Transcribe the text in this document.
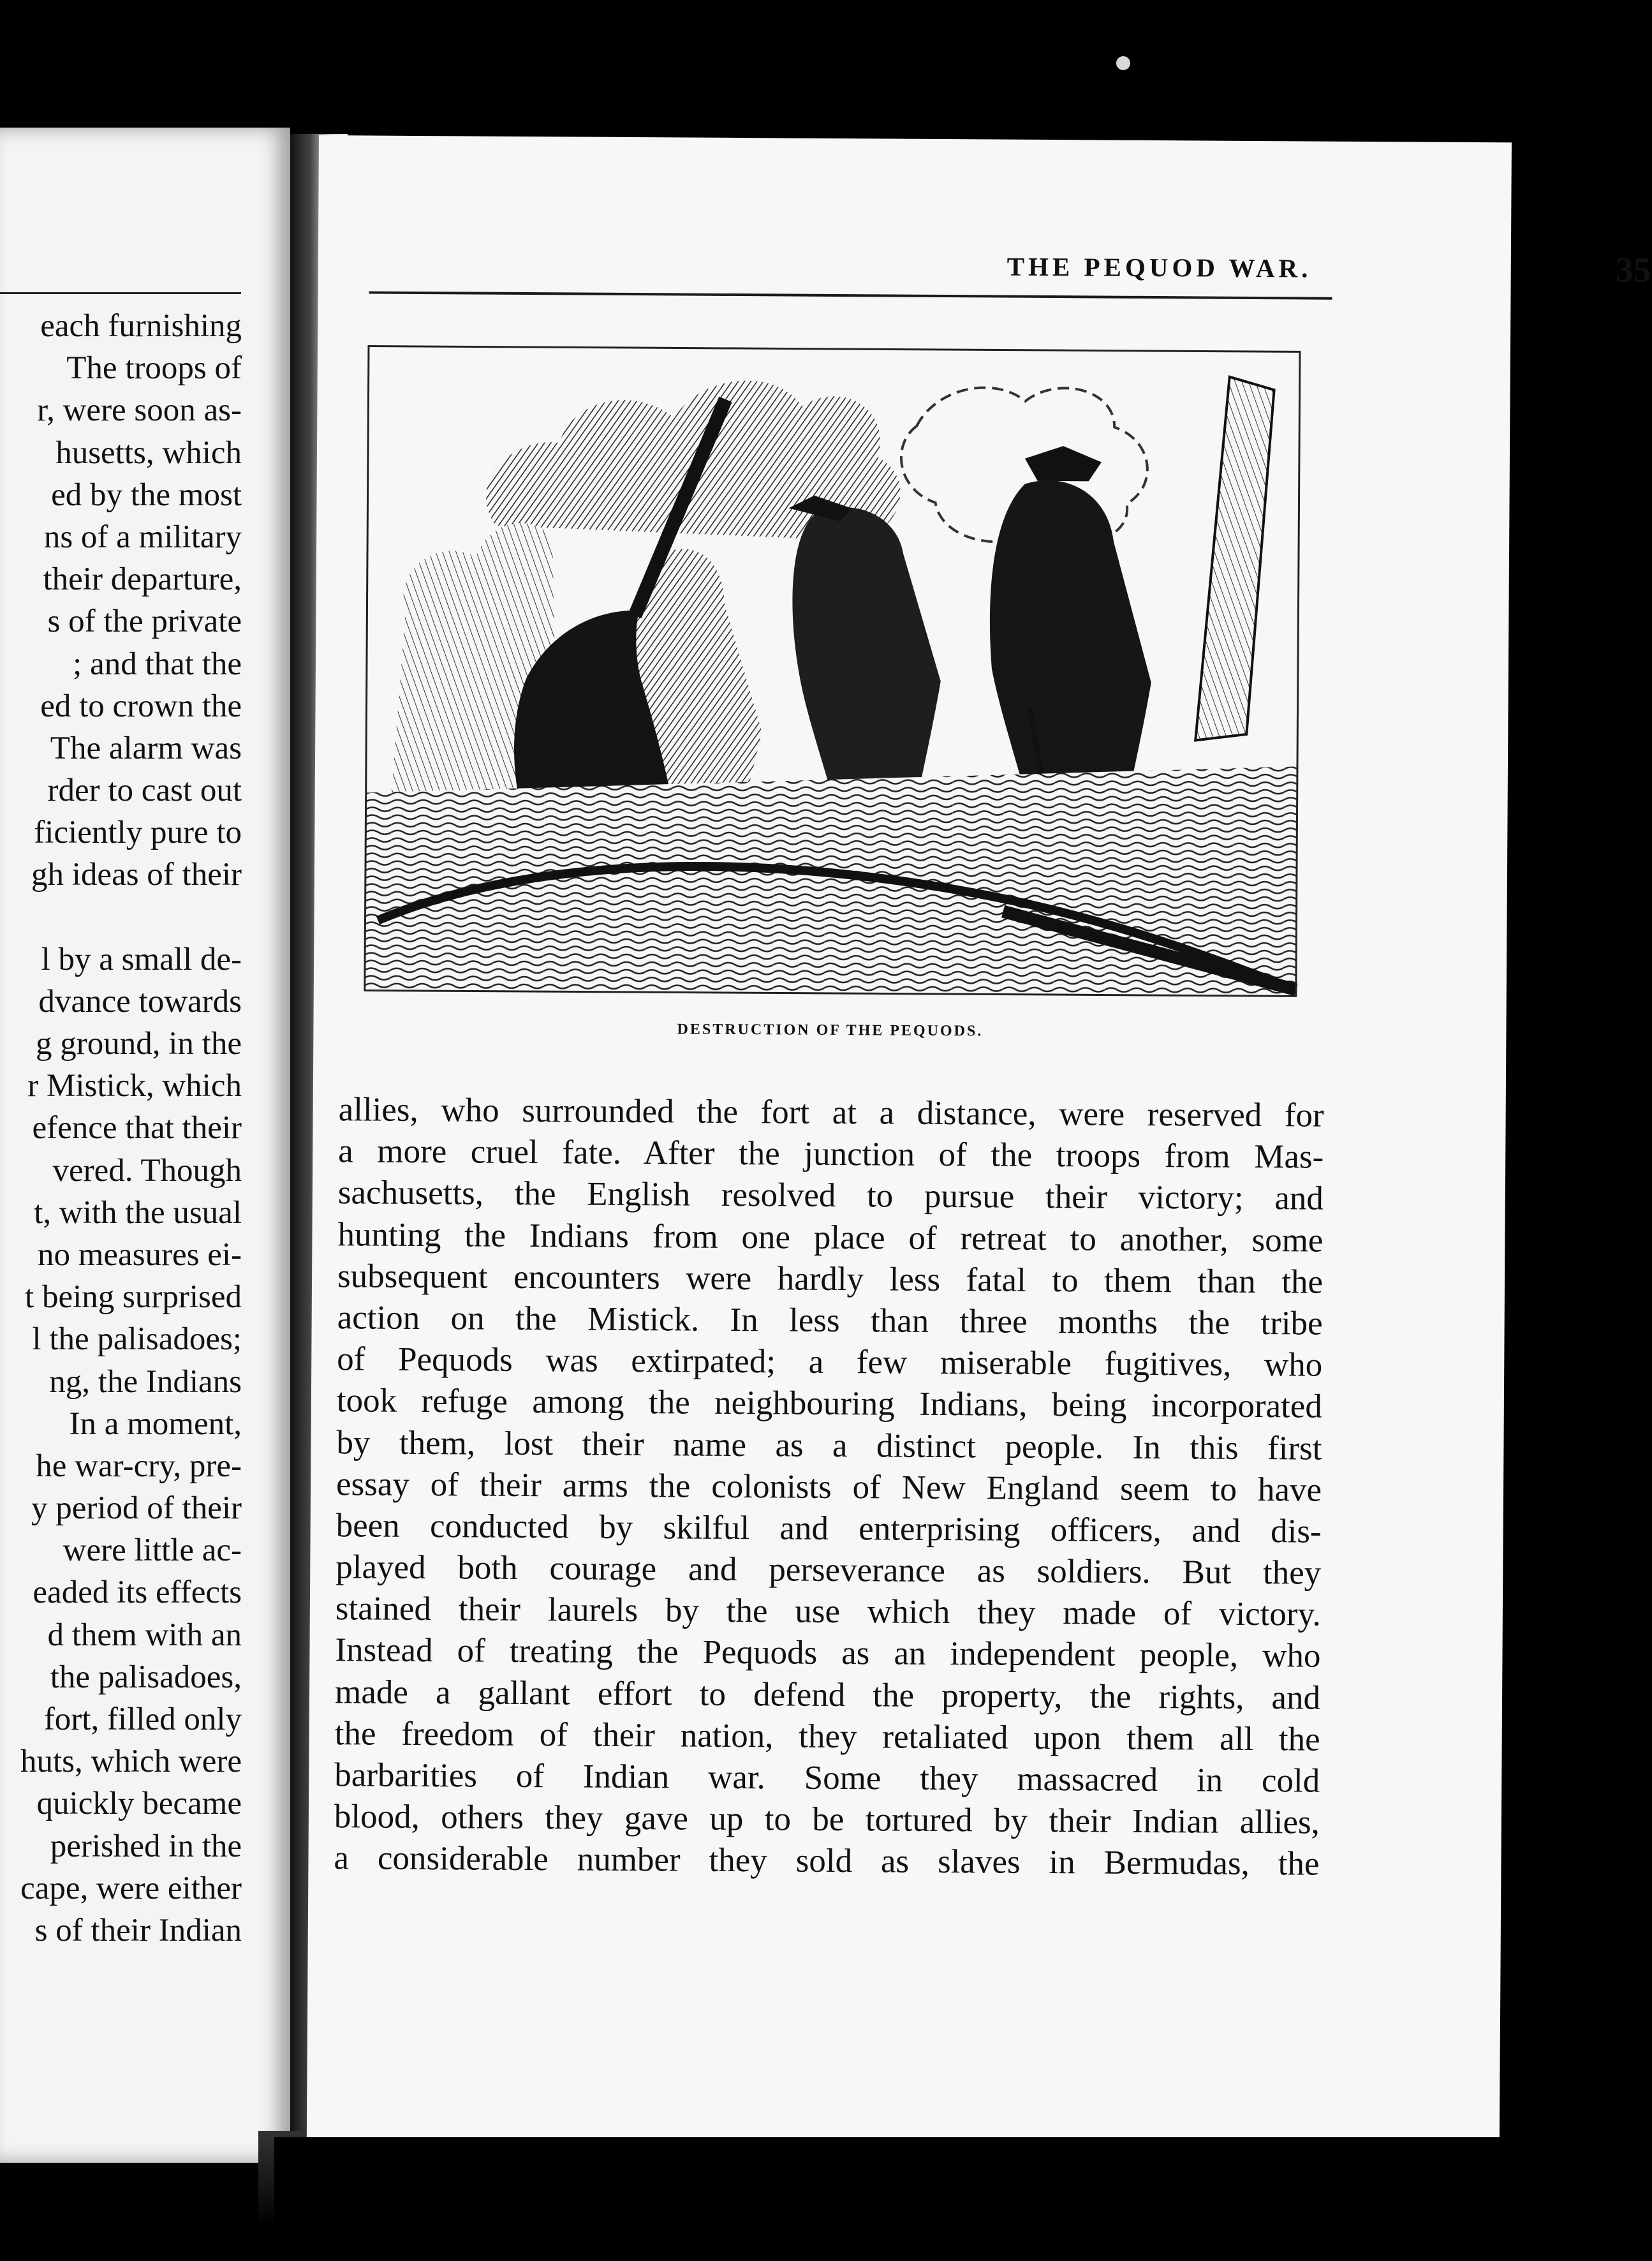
each furnishing
The troops of
r, were soon as-
husetts, which
ed by the most
ns of a military
their departure,
s of the private
; and that the
ed to crown the
The alarm was
rder to cast out
ficiently pure to
gh ideas of their
l by a small de-
dvance towards
g ground, in the
r Mistick, which
efence that their
vered. Though
t, with the usual
no measures ei-
t being surprised
l the palisadoes;
ng, the Indians
In a moment,
he war-cry, pre-
y period of their
were little ac-
eaded its effects
d them with an
the palisadoes,
fort, filled only
huts, which were
quickly became
perished in the
cape, were either
s of their Indian
THE PEQUOD WAR.	35
DESTRUCTION OF THE PEQUODS.
allies, who surrounded the fort at a distance, were reserved for
a more cruel fate. After the junction of the troops from Mas-
sachusetts, the English resolved to pursue their victory; and
hunting the Indians from one place of retreat to another, some
subsequent encounters were hardly less fatal to them than the
action on the Mistick. In less than three months the tribe
of Pequods was extirpated; a few miserable fugitives, who
took refuge among the neighbouring Indians, being incorporated
by them, lost their name as a distinct people. In this first
essay of their arms the colonists of New England seem to have
been conducted by skilful and enterprising officers, and dis-
played both courage and perseverance as soldiers. But they
stained their laurels by the use which they made of victory.
Instead of treating the Pequods as an independent people, who
made a gallant effort to defend the property, the rights, and
the freedom of their nation, they retaliated upon them all the
barbarities of Indian war. Some they massacred in cold
blood, others they gave up to be tortured by their Indian allies,
a considerable number they sold as slaves in Bermudas, the
